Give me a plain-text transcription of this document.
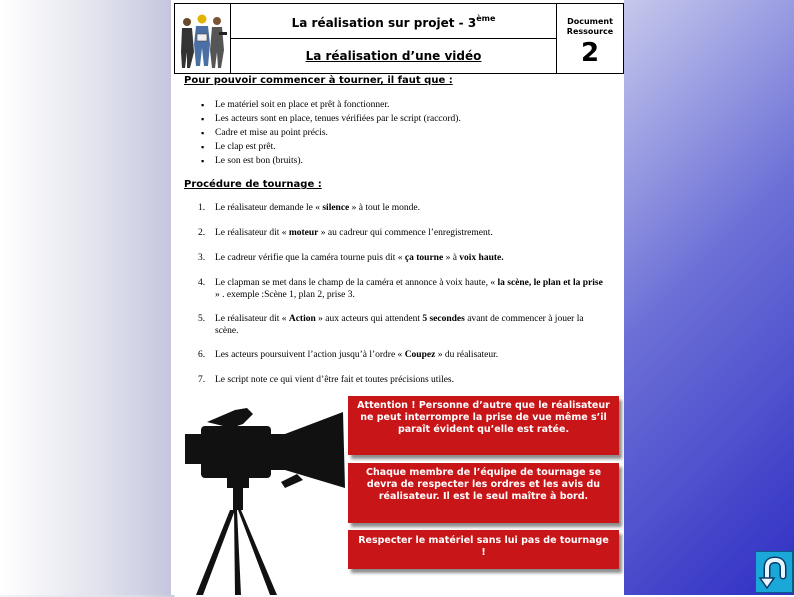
La réalisation sur projet - 3ème
La réalisation d’une vidéo
Document
Ressource
2
Pour pouvoir commencer à tourner, il faut que :
▪ Le matériel soit en place et prêt à fonctionner.
▪ Les acteurs sont en place, tenues vérifiées par le script (raccord).
▪ Cadre et mise au point précis.
▪ Le clap est prêt.
▪ Le son est bon (bruits).
Procédure de tournage :
1. Le réalisateur demande le « silence » à tout le monde.
2. Le réalisateur dit « moteur » au cadreur qui commence l’enregistrement.
3. Le cadreur vérifie que la caméra tourne puis dit « ça tourne » à voix haute.
4. Le clapman se met dans le champ de la caméra et annonce à voix haute, « la scène, le plan et la prise » . exemple :Scène 1, plan 2, prise 3.
5. Le réalisateur dit « Action » aux acteurs qui attendent 5 secondes avant de commencer à jouer la scène.
6. Les acteurs poursuivent l’action jusqu’à l’ordre « Coupez » du réalisateur.
7. Le script note ce qui vient d’être fait et toutes précisions utiles.
Attention ! Personne d’autre que le réalisateur ne peut interrompre la prise de vue même s’il paraît évident qu’elle est ratée.
Chaque membre de l’équipe de tournage se devra de respecter les ordres et les avis du réalisateur. Il est le seul maître à bord.
Respecter le matériel sans lui pas de tournage !
